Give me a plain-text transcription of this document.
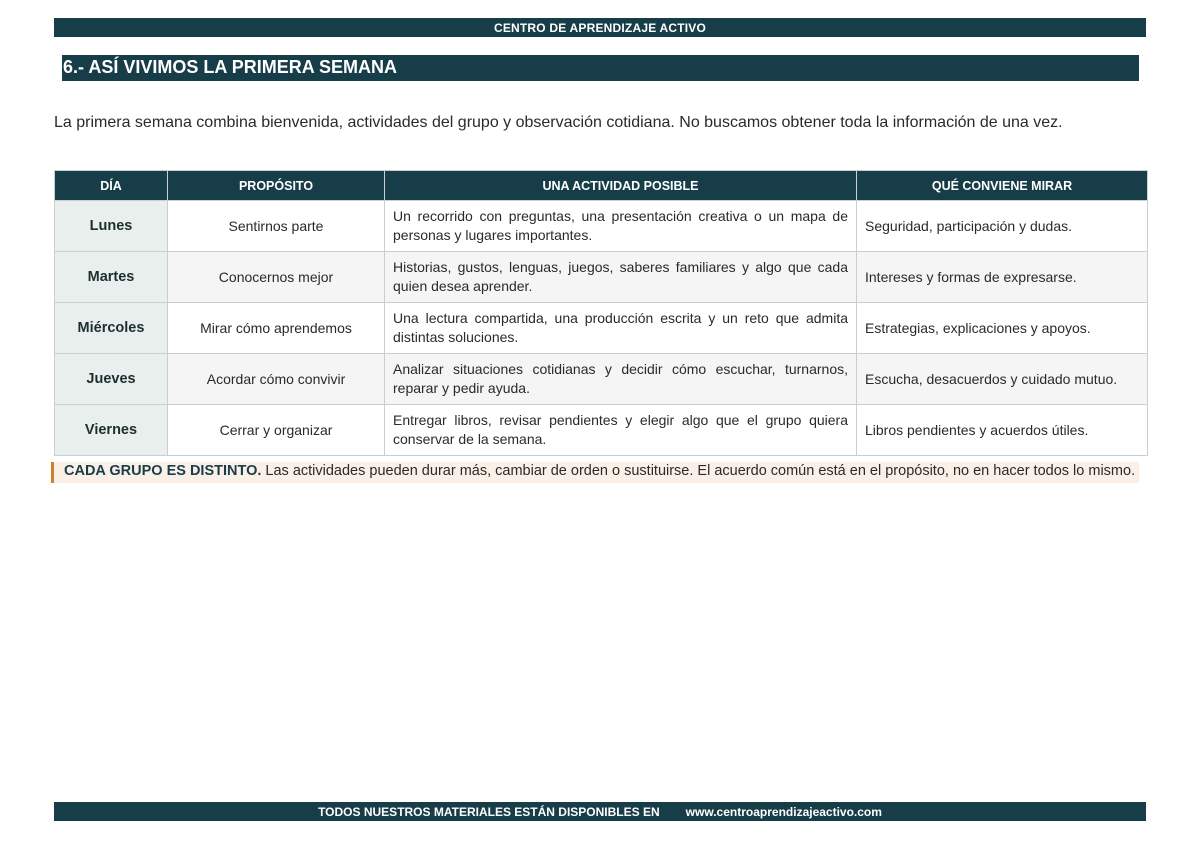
CENTRO DE APRENDIZAJE ACTIVO
6.- ASÍ VIVIMOS LA PRIMERA SEMANA
La primera semana combina bienvenida, actividades del grupo y observación cotidiana. No buscamos obtener toda la información de una vez.
DÍA	PROPÓSITO	UNA ACTIVIDAD POSIBLE	QUÉ CONVIENE MIRAR
Lunes	Sentirnos parte	Un recorrido con preguntas, una presentación creativa o un mapa de personas y lugares importantes.	Seguridad, participación y dudas.
Martes	Conocernos mejor	Historias, gustos, lenguas, juegos, saberes familiares y algo que cada quien desea aprender.	Intereses y formas de expresarse.
Miércoles	Mirar cómo aprendemos	Una lectura compartida, una producción escrita y un reto que admita distintas soluciones.	Estrategias, explicaciones y apoyos.
Jueves	Acordar cómo convivir	Analizar situaciones cotidianas y decidir cómo escuchar, turnarnos, reparar y pedir ayuda.	Escucha, desacuerdos y cuidado mutuo.
Viernes	Cerrar y organizar	Entregar libros, revisar pendientes y elegir algo que el grupo quiera conservar de la semana.	Libros pendientes y acuerdos útiles.
CADA GRUPO ES DISTINTO. Las actividades pueden durar más, cambiar de orden o sustituirse. El acuerdo común está en el propósito, no en hacer todos lo mismo.
TODOS NUESTROS MATERIALES ESTÁN DISPONIBLES EN www.centroaprendizajeactivo.com
